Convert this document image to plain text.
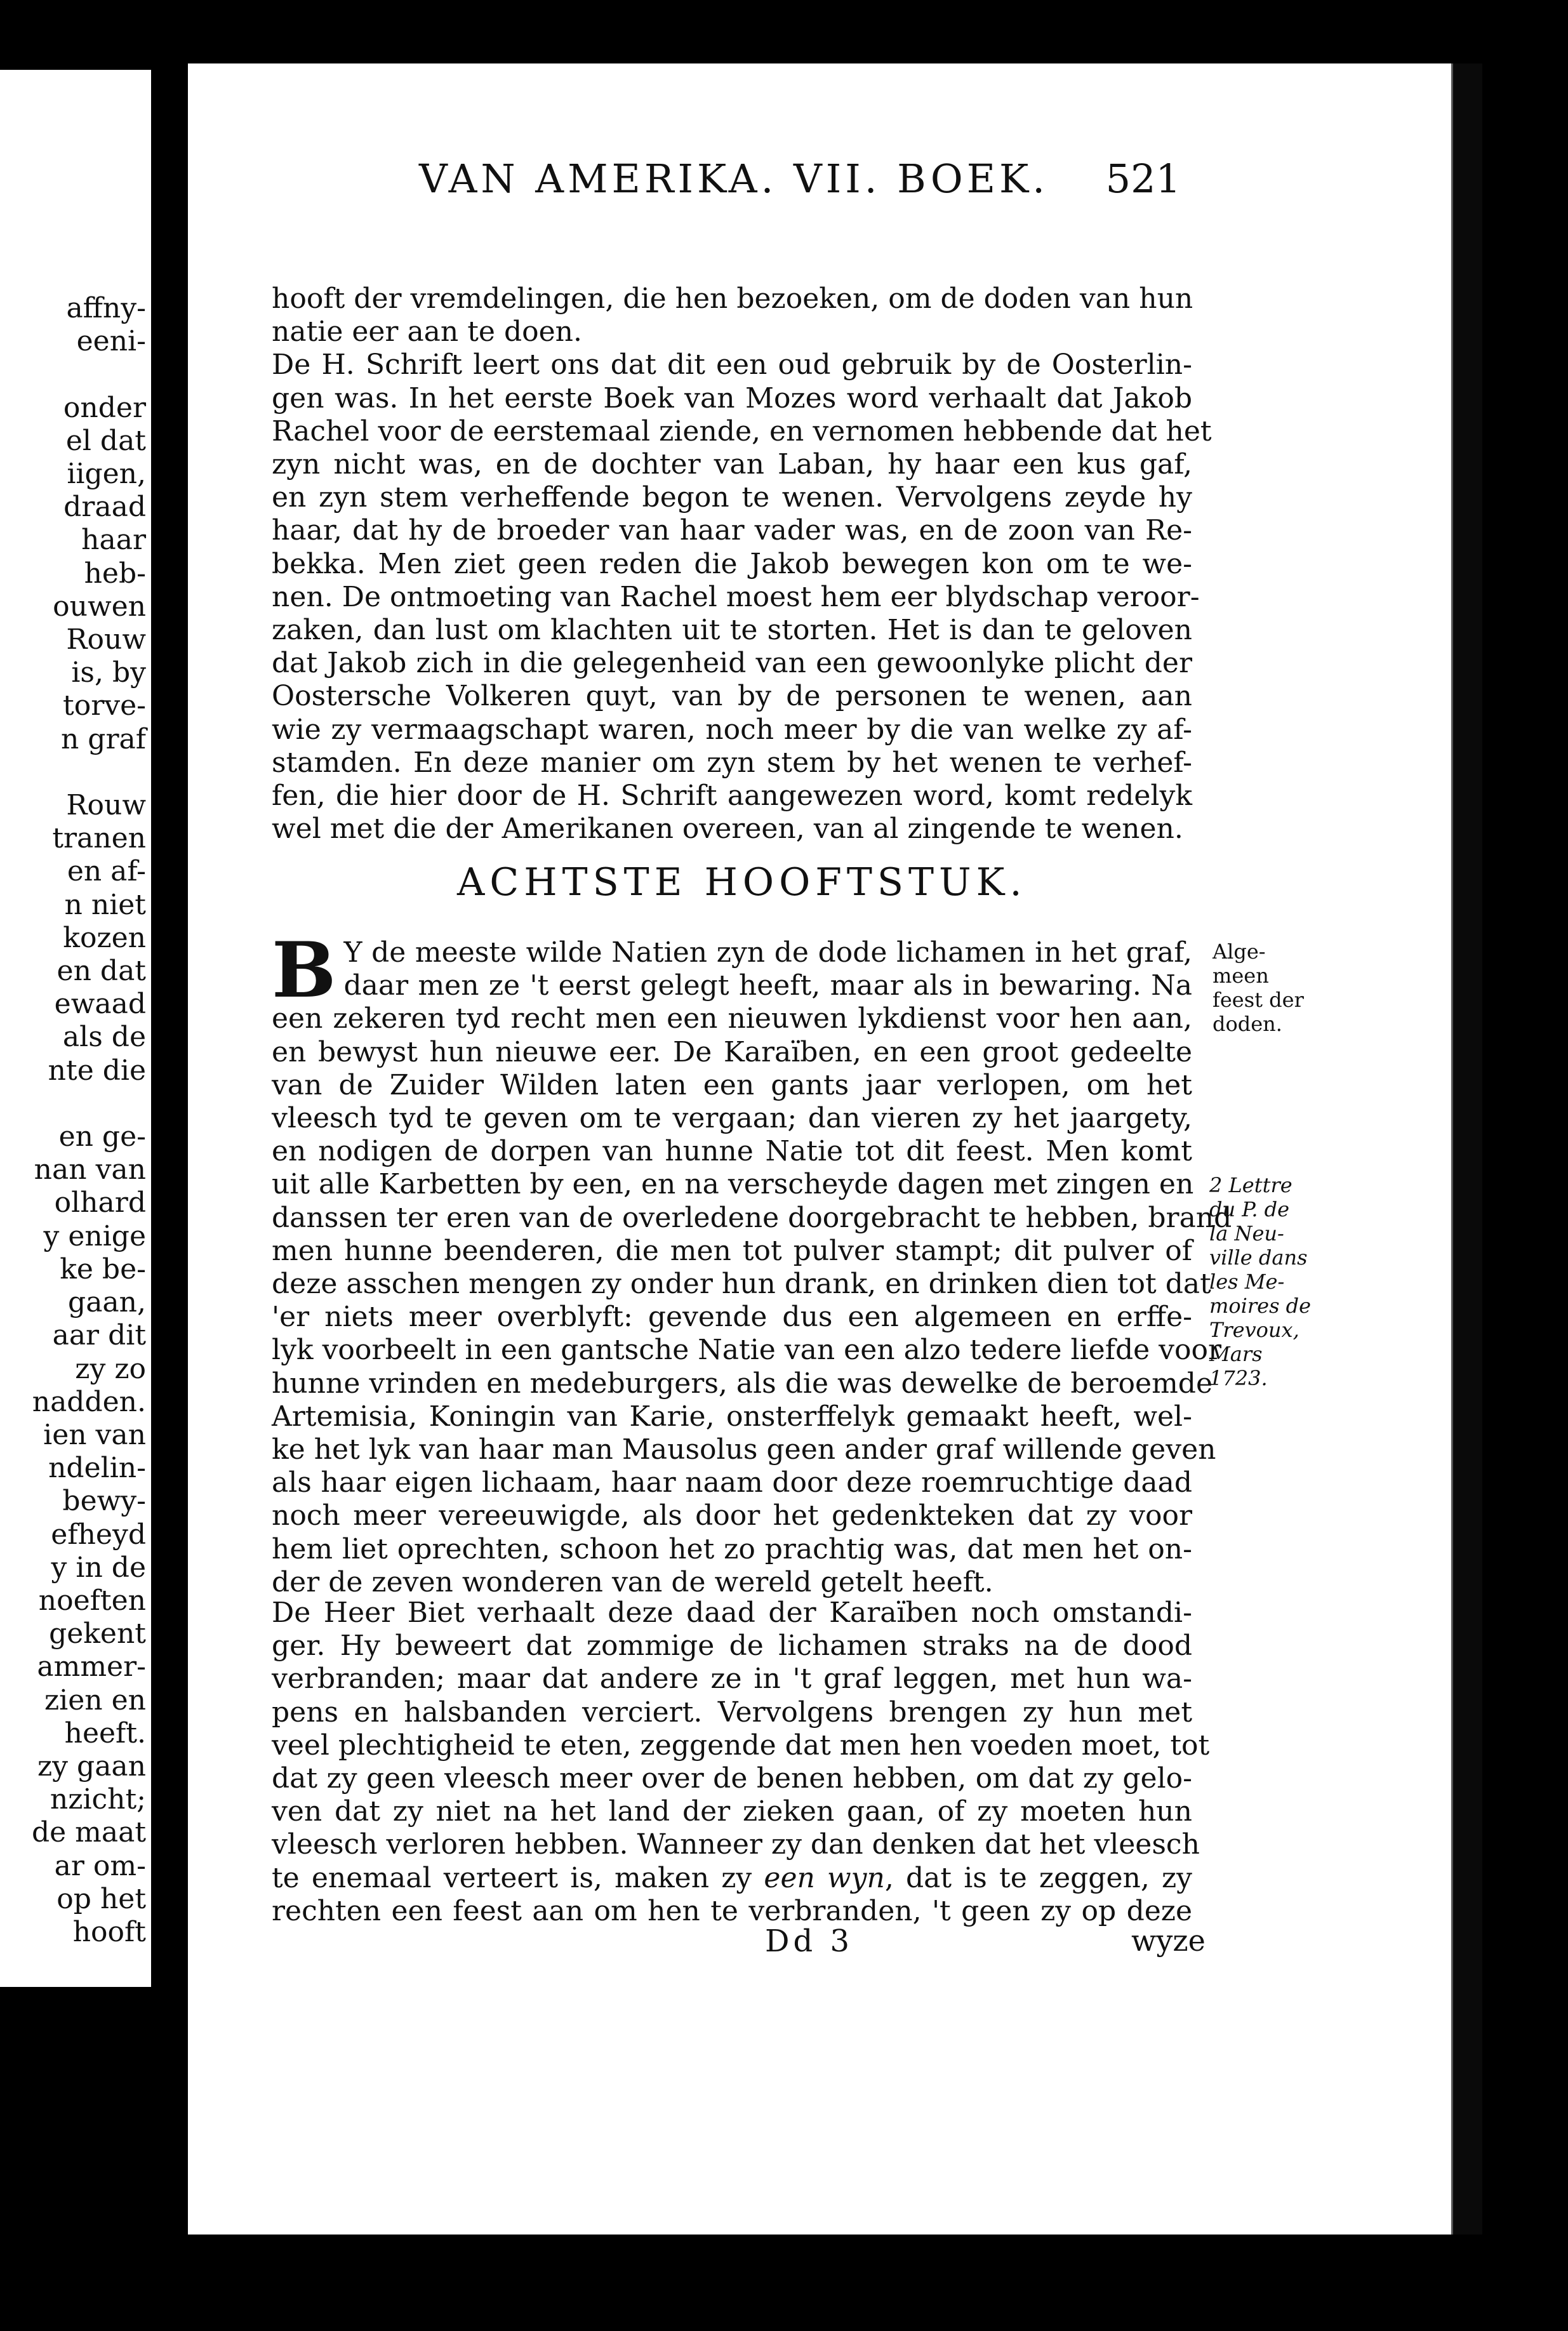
affny-
eeni-

onder
el dat
iigen,
draad
haar
heb-
ouwen
Rouw
is, by
torve-
n graf

Rouw
tranen
en af-
n niet
kozen
en dat
ewaad
als de
nte die

en ge-
nan van
olhard
y enige
ke be-
gaan,
aar dit
zy zo
nadden.
ien van
ndelin-
bewy-
efheyd
y in de
noeften
gekent
ammer-
zien en
heeft.
zy gaan
nzicht;
de maat
ar om-
op het
hooft
VAN AMERIKA. VII. BOEK. 521
hooft der vremdelingen, die hen bezoeken, om de doden van hun
natie eer aan te doen.
De H. Schrift leert ons dat dit een oud gebruik by de Oosterlin-
gen was. In het eerste Boek van Mozes word verhaalt dat Jakob
Rachel voor de eerstemaal ziende, en vernomen hebbende dat het
zyn nicht was, en de dochter van Laban, hy haar een kus gaf,
en zyn stem verheffende begon te wenen. Vervolgens zeyde hy
haar, dat hy de broeder van haar vader was, en de zoon van Re-
bekka. Men ziet geen reden die Jakob bewegen kon om te we-
nen. De ontmoeting van Rachel moest hem eer blydschap veroor-
zaken, dan lust om klachten uit te storten. Het is dan te geloven
dat Jakob zich in die gelegenheid van een gewoonlyke plicht der
Oostersche Volkeren quyt, van by de personen te wenen, aan
wie zy vermaagschapt waren, noch meer by die van welke zy af-
stamden. En deze manier om zyn stem by het wenen te verhef-
fen, die hier door de H. Schrift aangewezen word, komt redelyk
wel met die der Amerikanen overeen, van al zingende te wenen.
ACHTSTE HOOFTSTUK.
B Y de meeste wilde Natien zyn de dode lichamen in het graf,
daar men ze 't eerst gelegt heeft, maar als in bewaring. Na
een zekeren tyd recht men een nieuwen lykdienst voor hen aan,
en bewyst hun nieuwe eer. De Karaïben, en een groot gedeelte
van de Zuider Wilden laten een gants jaar verlopen, om het
vleesch tyd te geven om te vergaan; dan vieren zy het jaargety,
en nodigen de dorpen van hunne Natie tot dit feest. Men komt
uit alle Karbetten by een, en na verscheyde dagen met zingen en
danssen ter eren van de overledene doorgebracht te hebben, brand
men hunne beenderen, die men tot pulver stampt; dit pulver of
deze asschen mengen zy onder hun drank, en drinken dien tot dat
'er niets meer overblyft: gevende dus een algemeen en erffe-
lyk voorbeelt in een gantsche Natie van een alzo tedere liefde voor
hunne vrinden en medeburgers, als die was dewelke de beroemde
Artemisia, Koningin van Karie, onsterffelyk gemaakt heeft, wel-
ke het lyk van haar man Mausolus geen ander graf willende geven
als haar eigen lichaam, haar naam door deze roemruchtige daad
noch meer vereeuwigde, als door het gedenkteken dat zy voor
hem liet oprechten, schoon het zo prachtig was, dat men het on-
der de zeven wonderen van de wereld getelt heeft.
De Heer Biet verhaalt deze daad der Karaïben noch omstandi-
ger. Hy beweert dat zommige de lichamen straks na de dood
verbranden; maar dat andere ze in 't graf leggen, met hun wa-
pens en halsbanden verciert. Vervolgens brengen zy hun met
veel plechtigheid te eten, zeggende dat men hen voeden moet, tot
dat zy geen vleesch meer over de benen hebben, om dat zy gelo-
ven dat zy niet na het land der zieken gaan, of zy moeten hun
vleesch verloren hebben. Wanneer zy dan denken dat het vleesch
te enemaal verteert is, maken zy een wyn, dat is te zeggen, zy
rechten een feest aan om hen te verbranden, 't geen zy op deze
Alge-
meen
feest der
doden.
2 Lettre
du P. de
la Neu-
ville dans
les Me-
moires de
Trevoux,
Mars
1723.
Dd 3	wyze
